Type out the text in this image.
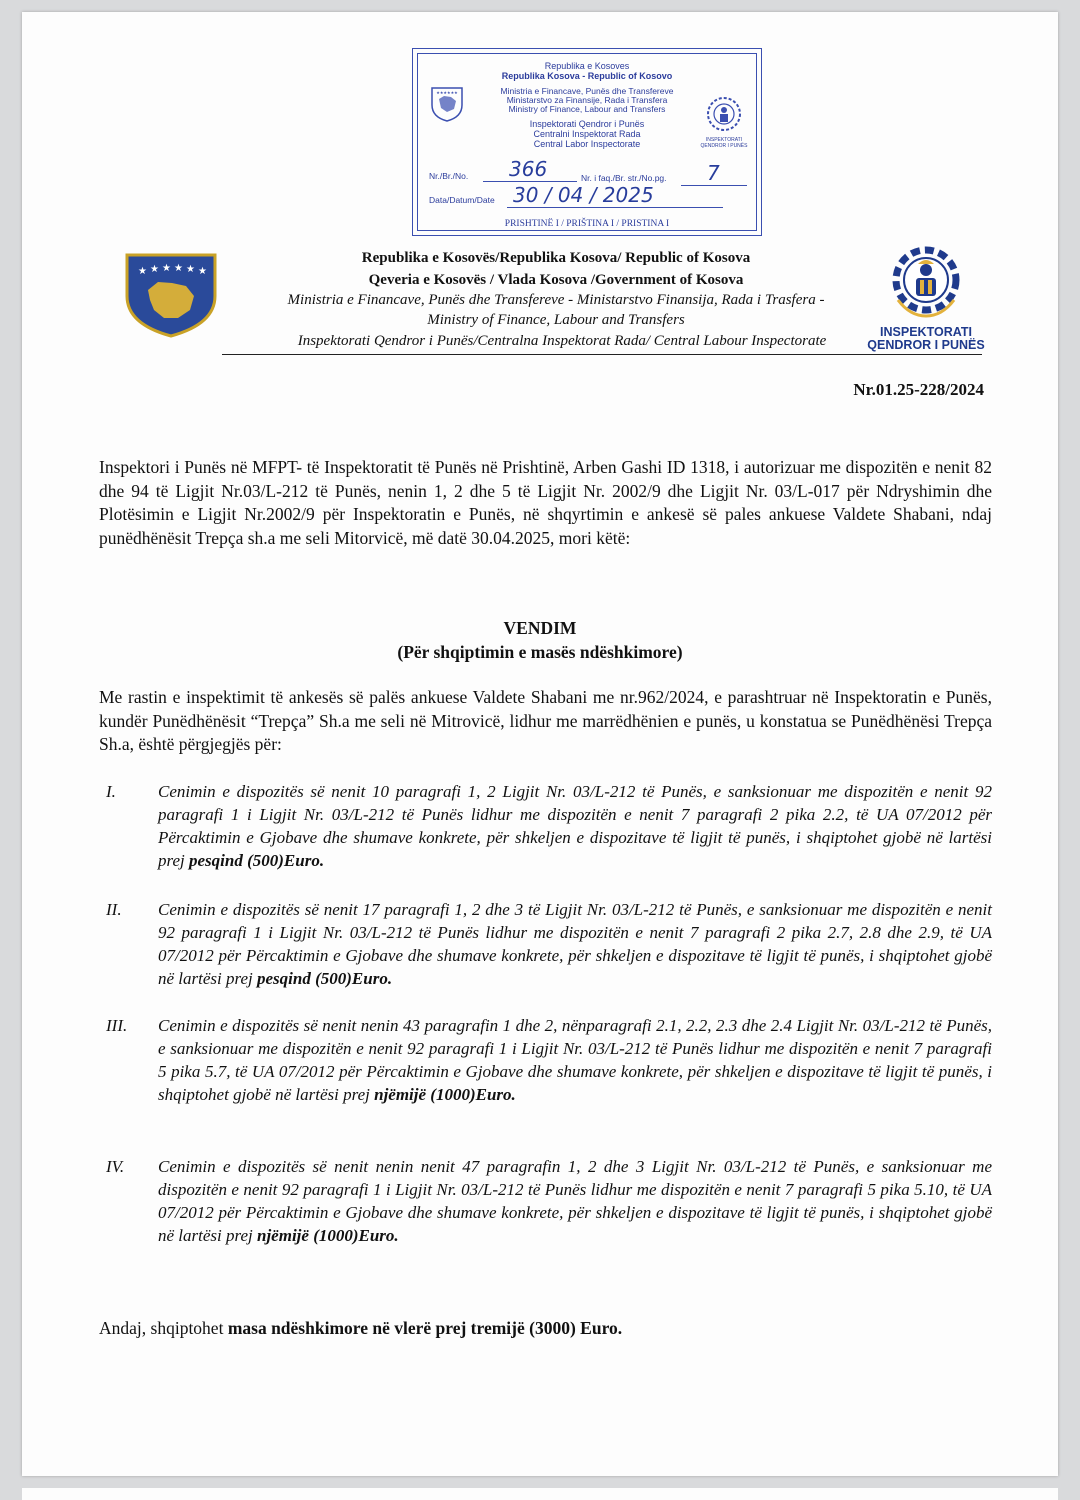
Republika e Kosoves
Republika Kosova - Republic of Kosovo
Ministria e Financave, Punës dhe Transfereve
Ministarstvo za Finansije, Rada i Transfera
Ministry of Finance, Labour and Transfers
Inspektorati Qendror i Punës
Centralni Inspektorat Rada
Central Labor Inspectorate
★★★★★★
INSPEKTORATI
QENDROR I PUNËS
Nr./Br./No. 366	Nr. i faq./Br. str./No.pg. 7
Data/Datum/Date 30 / 04 / 2025
PRISHTINË I / PRIŠTINA I / PRISTINA I
★ ★ ★ ★ ★ ★
Republika e Kosovës/Republika Kosova/ Republic of Kosova
Qeveria e Kosovës / Vlada Kosova /Government of Kosova
Ministria e Financave, Punës dhe Transfereve - Ministarstvo Finansija, Rada i Trasfera -
Ministry of Finance, Labour and Transfers
Inspektorati Qendror i Punës/Centralna Inspektorat Rada/ Central Labour Inspectorate
INSPEKTORATI
QENDROR I PUNËS
Nr.01.25-228/2024
Inspektori i Punës në MFPT- të Inspektoratit të Punës në Prishtinë, Arben Gashi ID 1318, i autorizuar me dispozitën e nenit 82 dhe 94 të Ligjit Nr.03/L-212 të Punës, nenin 1, 2 dhe 5 të Ligjit Nr. 2002/9 dhe Ligjit Nr. 03/L-017 për Ndryshimin dhe Plotësimin e Ligjit Nr.2002/9 për Inspektoratin e Punës, në shqyrtimin e ankesë së pales ankuese Valdete Shabani, ndaj punëdhënësit Trepça sh.a me seli Mitorvicë, më datë 30.04.2025, mori këtë:
VENDIM
(Për shqiptimin e masës ndëshkimore)
Me rastin e inspektimit të ankesës së palës ankuese Valdete Shabani me nr.962/2024, e parashtruar në Inspektoratin e Punës, kundër Punëdhënësit “Trepça” Sh.a me seli në Mitrovicë, lidhur me marrëdhënien e punës, u konstatua se Punëdhënësi Trepça Sh.a, është përgjegjës për:
I. Cenimin e dispozitës së nenit 10 paragrafi 1, 2 Ligjit Nr. 03/L-212 të Punës, e sanksionuar me dispozitën e nenit 92 paragrafi 1 i Ligjit Nr. 03/L-212 të Punës lidhur me dispozitën e nenit 7 paragrafi 2 pika 2.2, të UA 07/2012 për Përcaktimin e Gjobave dhe shumave konkrete, për shkeljen e dispozitave të ligjit të punës, i shqiptohet gjobë në lartësi prej pesqind (500)Euro.
II. Cenimin e dispozitës së nenit 17 paragrafi 1, 2 dhe 3 të Ligjit Nr. 03/L-212 të Punës, e sanksionuar me dispozitën e nenit 92 paragrafi 1 i Ligjit Nr. 03/L-212 të Punës lidhur me dispozitën e nenit 7 paragrafi 2 pika 2.7, 2.8 dhe 2.9, të UA 07/2012 për Përcaktimin e Gjobave dhe shumave konkrete, për shkeljen e dispozitave të ligjit të punës, i shqiptohet gjobë në lartësi prej pesqind (500)Euro.
III. Cenimin e dispozitës së nenit nenin 43 paragrafin 1 dhe 2, nënparagrafi 2.1, 2.2, 2.3 dhe 2.4 Ligjit Nr. 03/L-212 të Punës, e sanksionuar me dispozitën e nenit 92 paragrafi 1 i Ligjit Nr. 03/L-212 të Punës lidhur me dispozitën e nenit 7 paragrafi 5 pika 5.7, të UA 07/2012 për Përcaktimin e Gjobave dhe shumave konkrete, për shkeljen e dispozitave të ligjit të punës, i shqiptohet gjobë në lartësi prej njëmijë (1000)Euro.
IV. Cenimin e dispozitës së nenit nenin nenit 47 paragrafin 1, 2 dhe 3 Ligjit Nr. 03/L-212 të Punës, e sanksionuar me dispozitën e nenit 92 paragrafi 1 i Ligjit Nr. 03/L-212 të Punës lidhur me dispozitën e nenit 7 paragrafi 5 pika 5.10, të UA 07/2012 për Përcaktimin e Gjobave dhe shumave konkrete, për shkeljen e dispozitave të ligjit të punës, i shqiptohet gjobë në lartësi prej njëmijë (1000)Euro.
Andaj, shqiptohet masa ndëshkimore në vlerë prej tremijë (3000) Euro.
